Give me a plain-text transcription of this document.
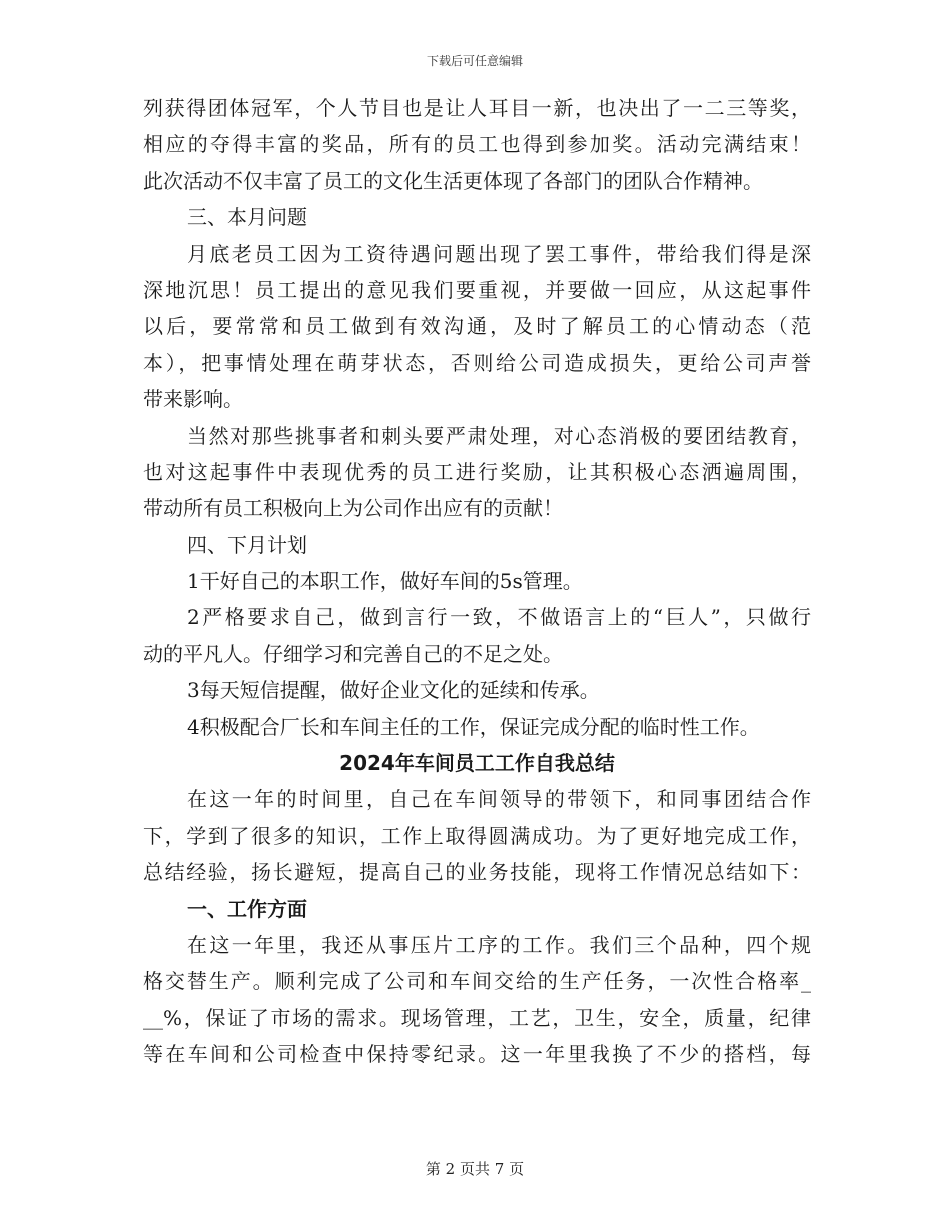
下载后可任意编辑
列获得团体冠军，个人节目也是让人耳目一新，也决出了一二三等奖，
相应的夺得丰富的奖品，所有的员工也得到参加奖。活动完满结束！
此次活动不仅丰富了员工的文化生活更体现了各部门的团队合作精神。
三、本月问题
月底老员工因为工资待遇问题出现了罢工事件，带给我们得是深
深地沉思！员工提出的意见我们要重视，并要做一回应，从这起事件
以后，要常常和员工做到有效沟通，及时了解员工的心情动态（范
本），把事情处理在萌芽状态，否则给公司造成损失，更给公司声誉
带来影响。
当然对那些挑事者和刺头要严肃处理，对心态消极的要团结教育，
也对这起事件中表现优秀的员工进行奖励，让其积极心态洒遍周围，
带动所有员工积极向上为公司作出应有的贡献！
四、下月计划
1干好自己的本职工作，做好车间的5s管理。
2严格要求自己，做到言行一致，不做语言上的“巨人”，只做行
动的平凡人。仔细学习和完善自己的不足之处。
3每天短信提醒，做好企业文化的延续和传承。
4积极配合厂长和车间主任的工作，保证完成分配的临时性工作。
2024年车间员工工作自我总结
在这一年的时间里，自己在车间领导的带领下，和同事团结合作
下，学到了很多的知识，工作上取得圆满成功。为了更好地完成工作，
总结经验，扬长避短，提高自己的业务技能，现将工作情况总结如下：
一、工作方面
在这一年里，我还从事压片工序的工作。我们三个品种，四个规
格交替生产。顺利完成了公司和车间交给的生产任务，一次性合格率_
__%，保证了市场的需求。现场管理，工艺，卫生，安全，质量，纪律
等在车间和公司检查中保持零纪录。这一年里我换了不少的搭档，每
第 2 页共 7 页
